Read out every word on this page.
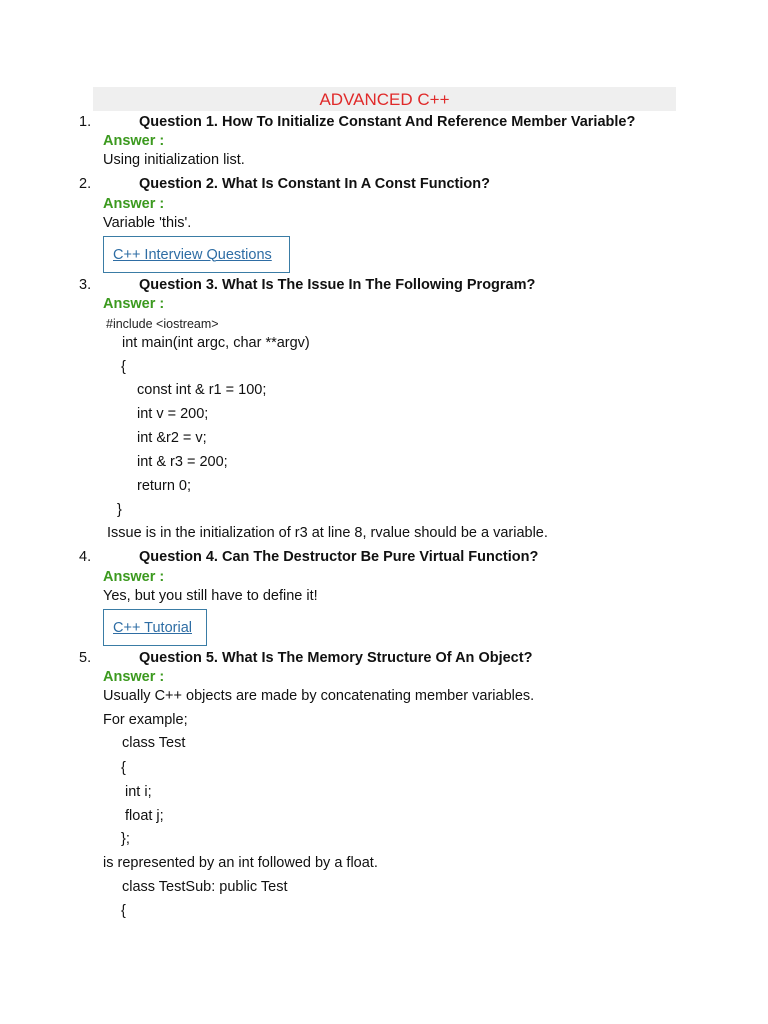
ADVANCED C++
1.	Question 1. How To Initialize Constant And Reference Member Variable?
Answer :
Using initialization list.
2.	Question 2. What Is Constant In A Const Function?
Answer :
Variable 'this'.
C++ Interview Questions
3.	Question 3. What Is The Issue In The Following Program?
Answer :
#include <iostream>
int main(int argc, char **argv)
{
const int & r1 = 100;
int v = 200;
int &r2 = v;
int & r3 = 200;
return 0;
}
Issue is in the initialization of r3 at line 8, rvalue should be a variable.
4.	Question 4. Can The Destructor Be Pure Virtual Function?
Answer :
Yes, but you still have to define it!
C++ Tutorial
5.	Question 5. What Is The Memory Structure Of An Object?
Answer :
Usually C++ objects are made by concatenating member variables.
For example;
class Test
{
int i;
float j;
};
is represented by an int followed by a float.
class TestSub: public Test
{
